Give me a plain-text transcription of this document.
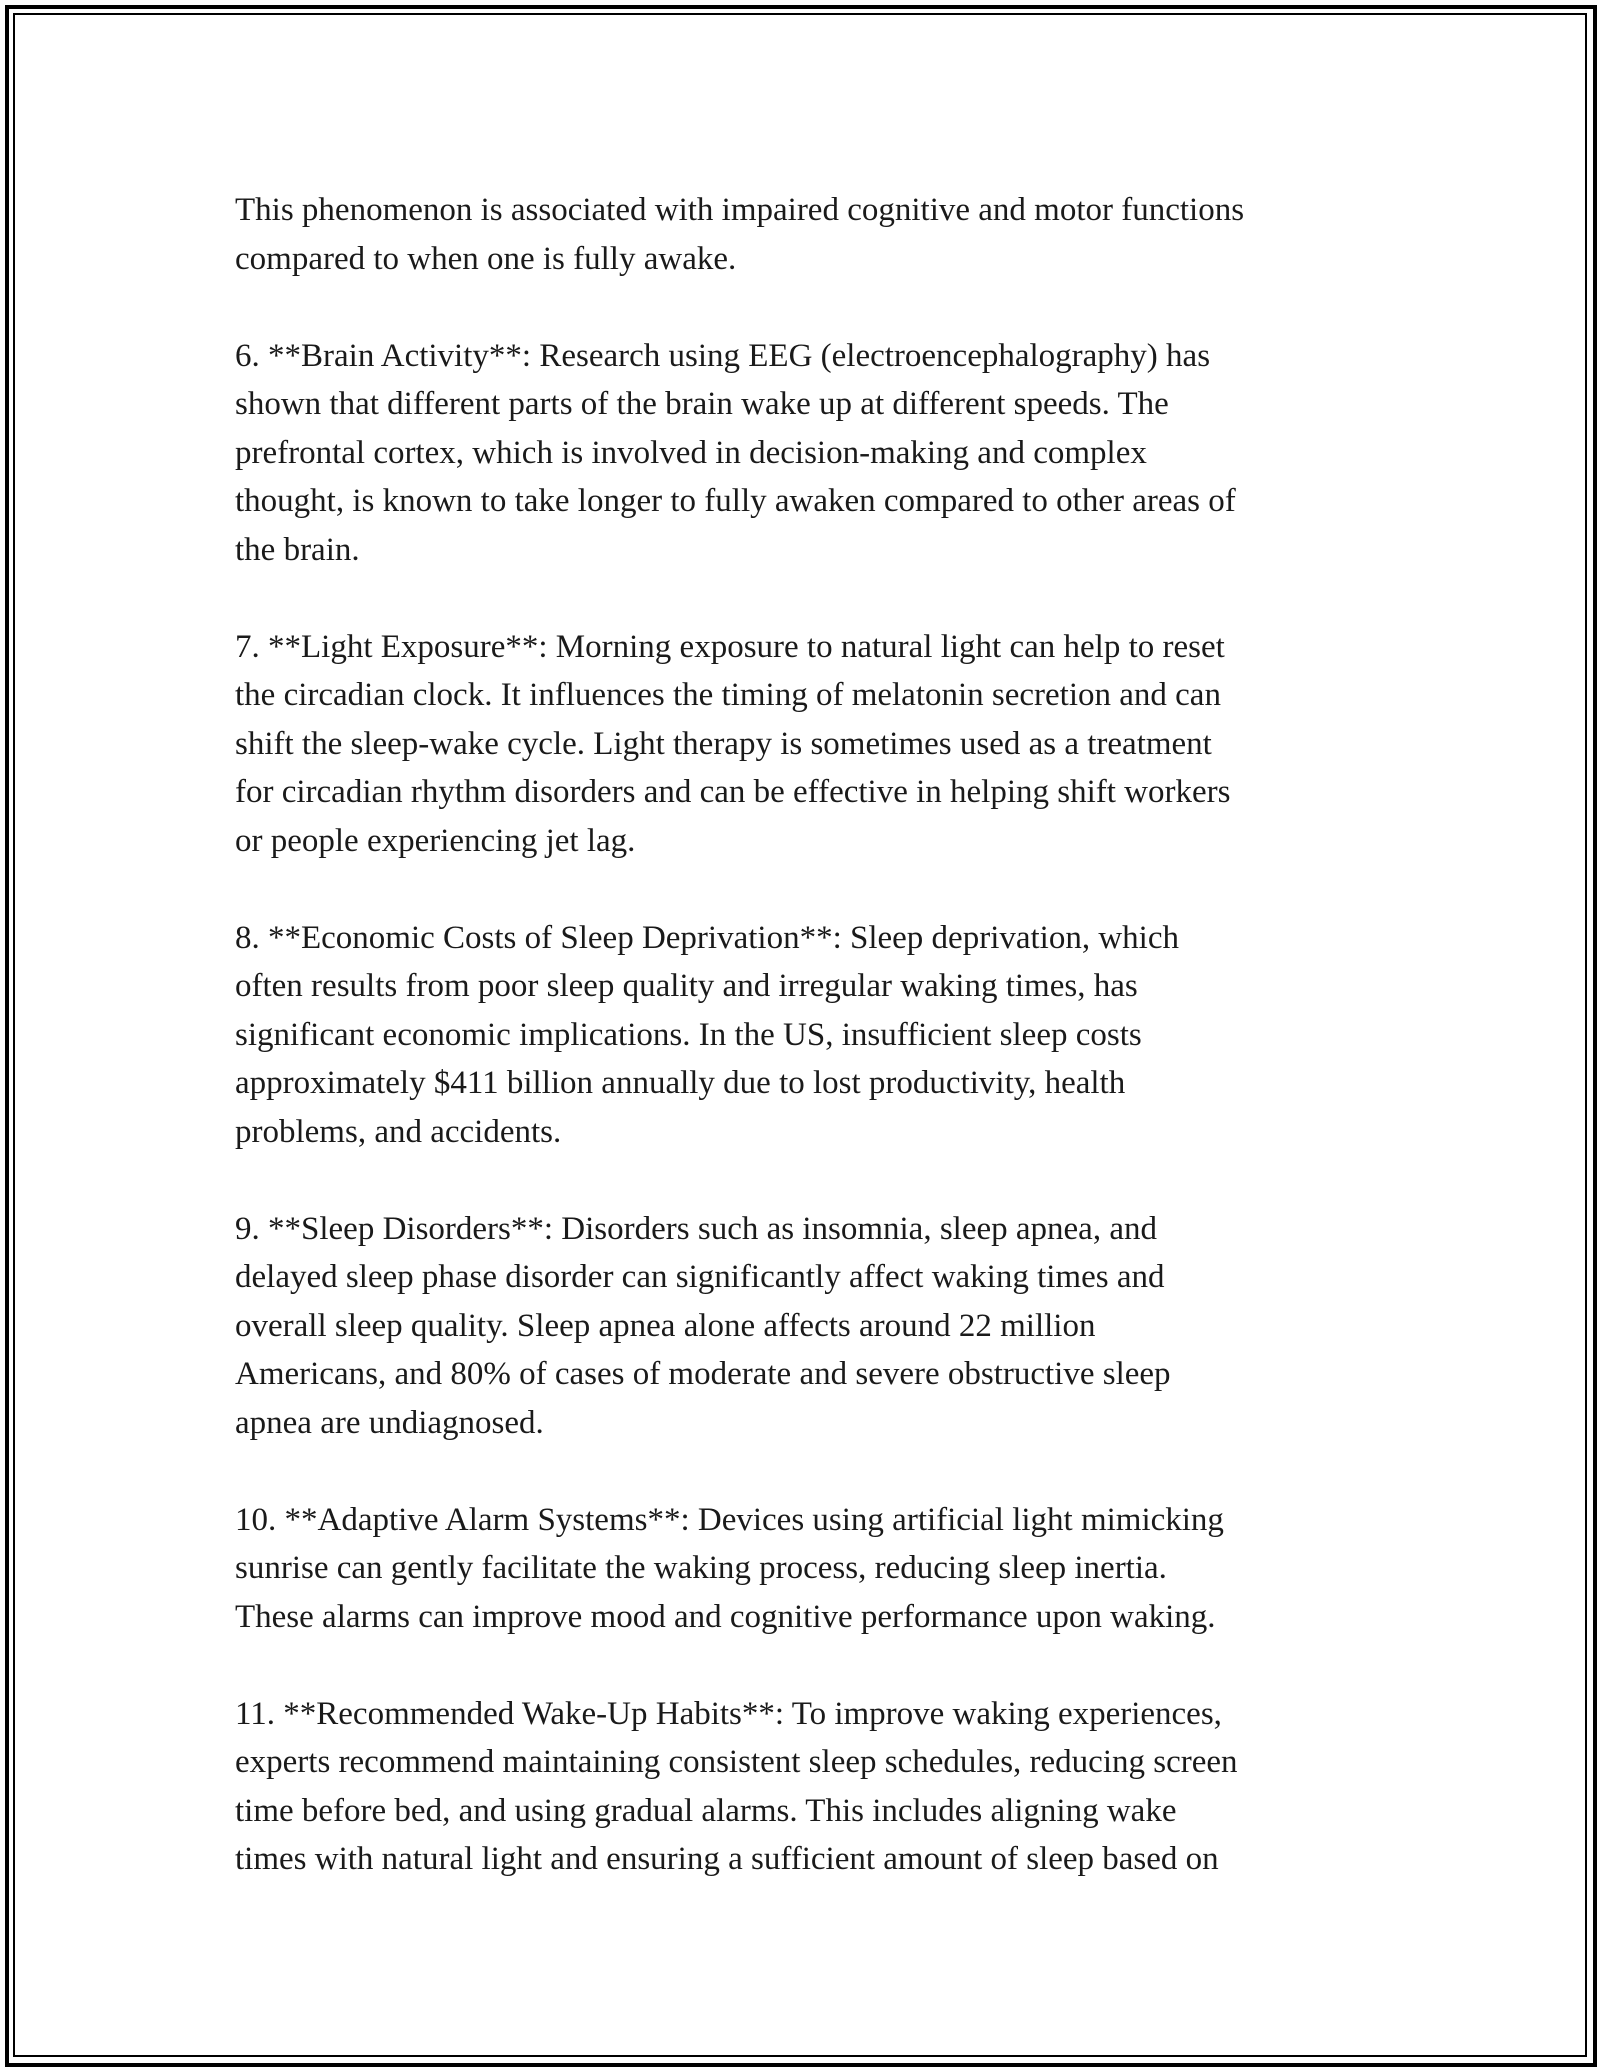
This phenomenon is associated with impaired cognitive and motor functions
compared to when one is fully awake.

6. **Brain Activity**: Research using EEG (electroencephalography) has
shown that different parts of the brain wake up at different speeds. The
prefrontal cortex, which is involved in decision-making and complex
thought, is known to take longer to fully awaken compared to other areas of
the brain.

7. **Light Exposure**: Morning exposure to natural light can help to reset
the circadian clock. It influences the timing of melatonin secretion and can
shift the sleep-wake cycle. Light therapy is sometimes used as a treatment
for circadian rhythm disorders and can be effective in helping shift workers
or people experiencing jet lag.

8. **Economic Costs of Sleep Deprivation**: Sleep deprivation, which
often results from poor sleep quality and irregular waking times, has
significant economic implications. In the US, insufficient sleep costs
approximately $411 billion annually due to lost productivity, health
problems, and accidents.

9. **Sleep Disorders**: Disorders such as insomnia, sleep apnea, and
delayed sleep phase disorder can significantly affect waking times and
overall sleep quality. Sleep apnea alone affects around 22 million
Americans, and 80% of cases of moderate and severe obstructive sleep
apnea are undiagnosed.

10. **Adaptive Alarm Systems**: Devices using artificial light mimicking
sunrise can gently facilitate the waking process, reducing sleep inertia.
These alarms can improve mood and cognitive performance upon waking.

11. **Recommended Wake-Up Habits**: To improve waking experiences,
experts recommend maintaining consistent sleep schedules, reducing screen
time before bed, and using gradual alarms. This includes aligning wake
times with natural light and ensuring a sufficient amount of sleep based on
